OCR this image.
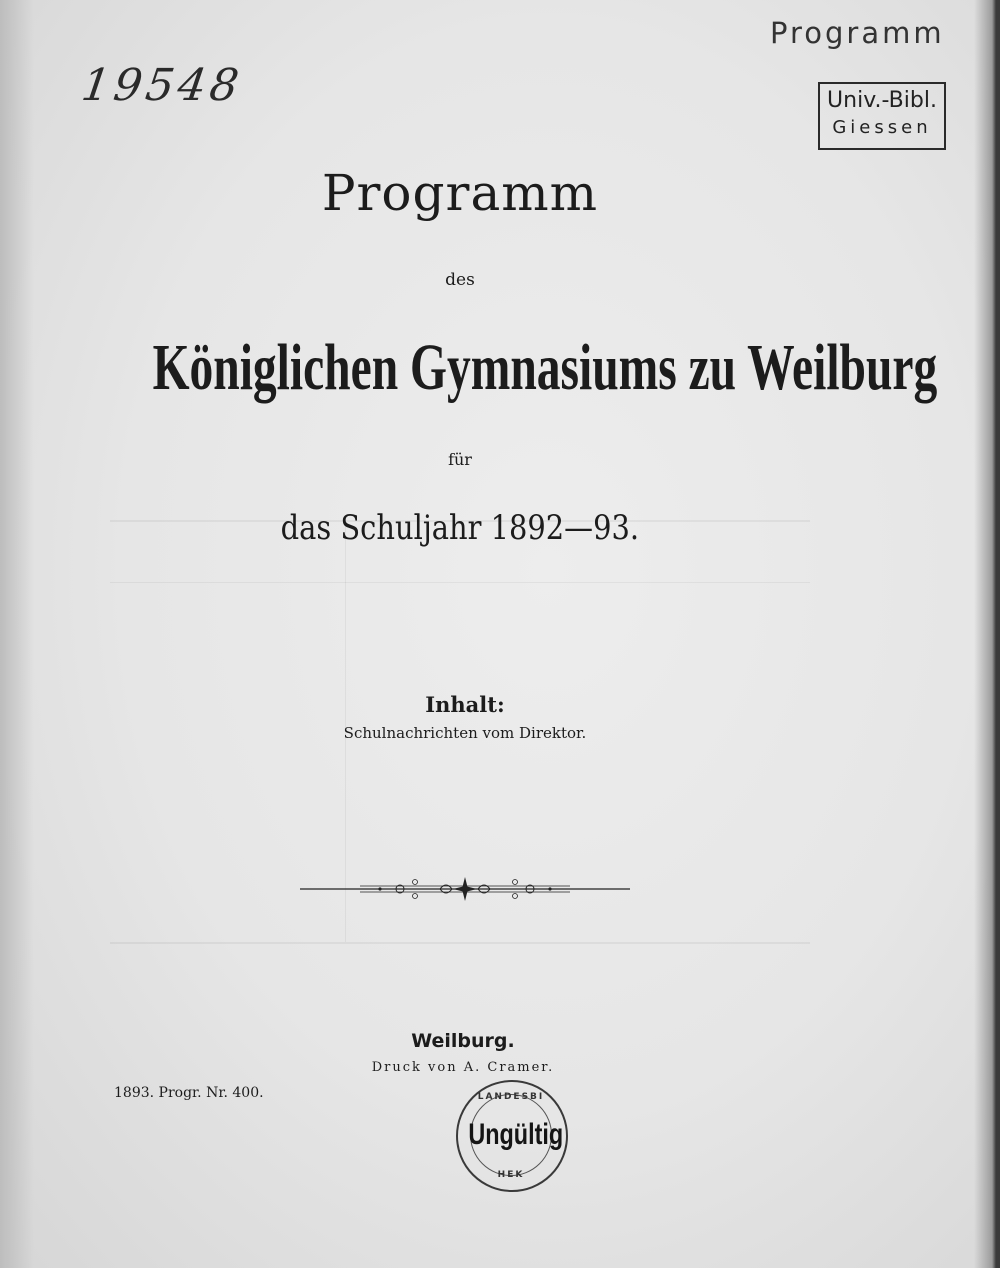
19548
Programm
Univ.-Bibl.
Giessen
Programm
des
Königlichen Gymnasiums zu Weilburg
für
das Schuljahr 1892—93.
Inhalt:
Schulnachrichten vom Direktor.
Weilburg.
Druck von A. Cramer.
1893. Progr. Nr. 400.	LANDESBI
HEK
Ungültig
